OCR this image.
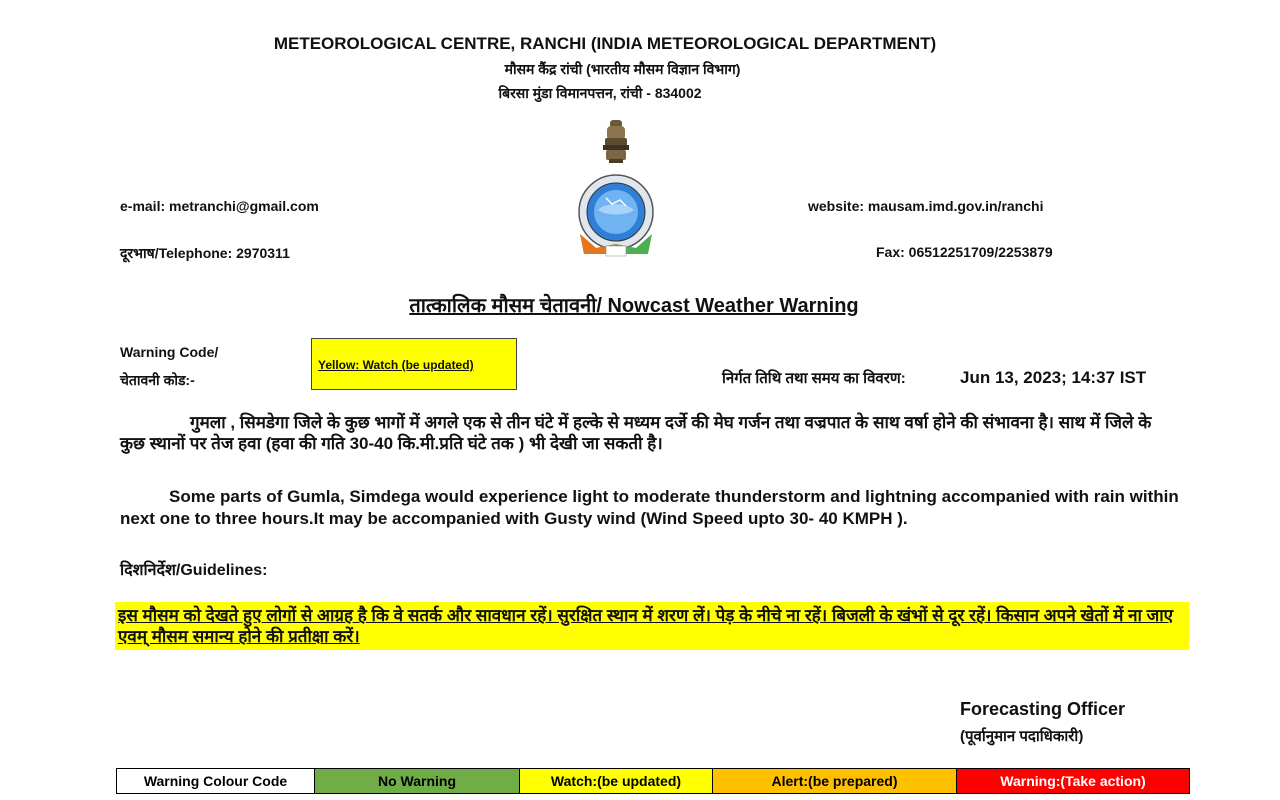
METEOROLOGICAL CENTRE, RANCHI (INDIA METEOROLOGICAL DEPARTMENT)
मौसम कैंद्र रांची (भारतीय मौसम विज्ञान विभाग)
बिरसा मुंडा विमानपत्तन, रांची - 834002
e-mail: metranchi@gmail.com	website: mausam.imd.gov.in/ranchi
दूरभाष/Telephone: 2970311	Fax: 06512251709/2253879
तात्कालिक मौसम चेतावनी/ Nowcast Weather Warning
Warning Code/
चेतावनी कोड:-
Yellow: Watch (be updated)
निर्गत तिथि तथा समय का विवरण:	Jun 13, 2023; 14:37 IST
गुमला , सिमडेगा जिले के कुछ भागों में अगले एक से तीन घंटे में हल्के से मध्यम दर्जे की मेघ गर्जन तथा वज्रपात के साथ वर्षा होने की संभावना है। साथ में जिले के कुछ स्थानों पर तेज हवा (हवा की गति 30-40 कि.मी.प्रति घंटे तक ) भी देखी जा सकती है।
Some parts of Gumla, Simdega would experience light to moderate thunderstorm and lightning accompanied with rain within next one to three hours.It may be accompanied with Gusty wind (Wind Speed upto 30- 40 KMPH ).
दिशनिर्देश/Guidelines:
इस मौसम को देखते हुए लोगों से आग्रह है कि वे सतर्क और सावधान रहें। सुरक्षित स्थान में शरण लें। पेड़ के नीचे ना रहें। बिजली के खंभों से दूर रहें। किसान अपने खेतों में ना जाए एवम् मौसम समान्य होने की प्रतीक्षा करें।
Forecasting Officer
(पूर्वानुमान पदाधिकारी)
Warning Colour Code	No Warning	Watch:(be updated)	Alert:(be prepared)	Warning:(Take action)
